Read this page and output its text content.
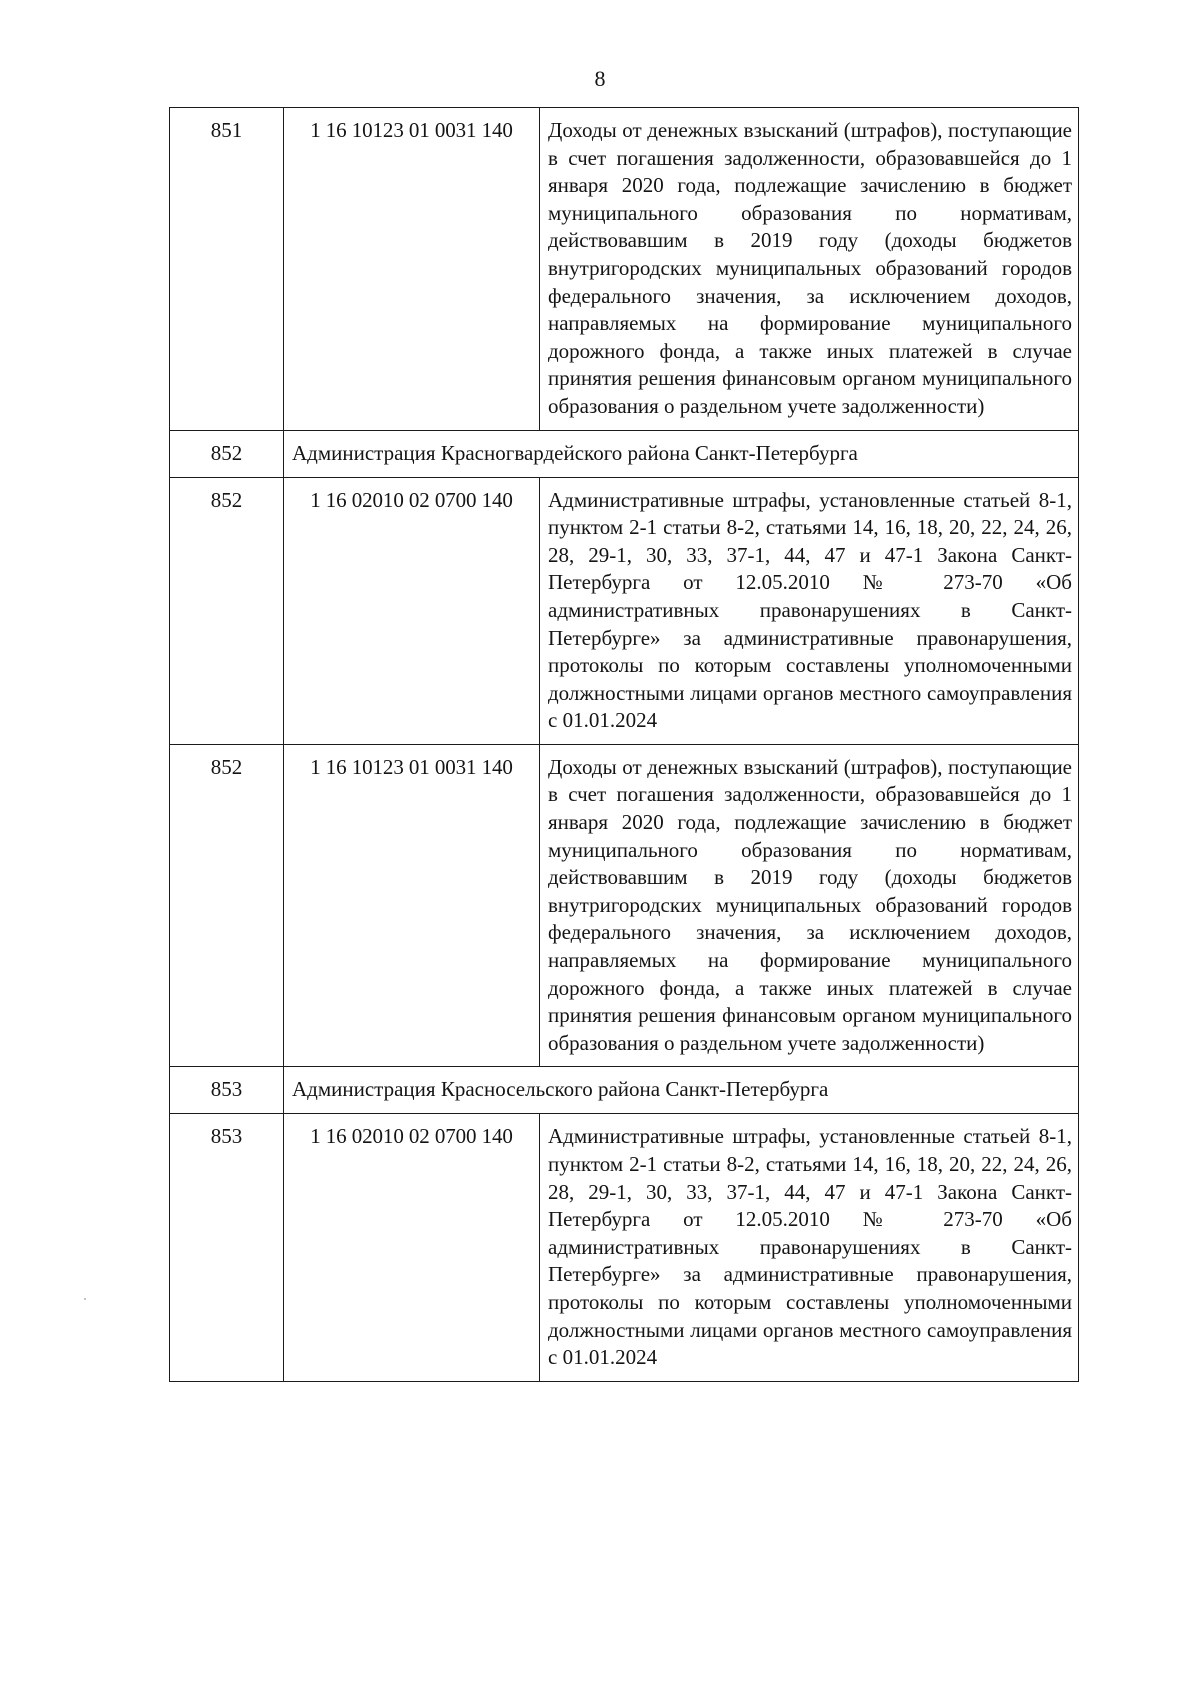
8
851	1 16 10123 01 0031 140	Доходы от денежных взысканий (штрафов), поступающие в счет погашения задолженности, образовавшейся до 1 января 2020 года, подлежащие зачислению в бюджет муниципального образования по нормативам, действовавшим в 2019 году (доходы бюджетов внутригородских муниципальных образований городов федерального значения, за исключением доходов, направляемых на формирование муниципального дорожного фонда, а также иных платежей в случае принятия решения финансовым органом муниципального образования о раздельном учете задолженности)
852	Администрация Красногвардейского района Санкт-Петербурга	
852	1 16 02010 02 0700 140	Административные штрафы, установленные статьей 8-1, пунктом 2-1 статьи 8-2, статьями 14, 16, 18, 20, 22, 24, 26, 28, 29-1, 30, 33, 37-1, 44, 47 и 47-1 Закона Санкт-Петербурга от 12.05.2010 № 273-70 «Об административных правонарушениях в Санкт-Петербурге» за административные правонарушения, протоколы по которым составлены уполномоченными должностными лицами органов местного самоуправления с 01.01.2024
852	1 16 10123 01 0031 140	Доходы от денежных взысканий (штрафов), поступающие в счет погашения задолженности, образовавшейся до 1 января 2020 года, подлежащие зачислению в бюджет муниципального образования по нормативам, действовавшим в 2019 году (доходы бюджетов внутригородских муниципальных образований городов федерального значения, за исключением доходов, направляемых на формирование муниципального дорожного фонда, а также иных платежей в случае принятия решения финансовым органом муниципального образования о раздельном учете задолженности)
853	Администрация Красносельского района Санкт-Петербурга	
853	1 16 02010 02 0700 140	Административные штрафы, установленные статьей 8-1, пунктом 2-1 статьи 8-2, статьями 14, 16, 18, 20, 22, 24, 26, 28, 29-1, 30, 33, 37-1, 44, 47 и 47-1 Закона Санкт-Петербурга от 12.05.2010 № 273-70 «Об административных правонарушениях в Санкт-Петербурге» за административные правонарушения, протоколы по которым составлены уполномоченными должностными лицами органов местного самоуправления с 01.01.2024
